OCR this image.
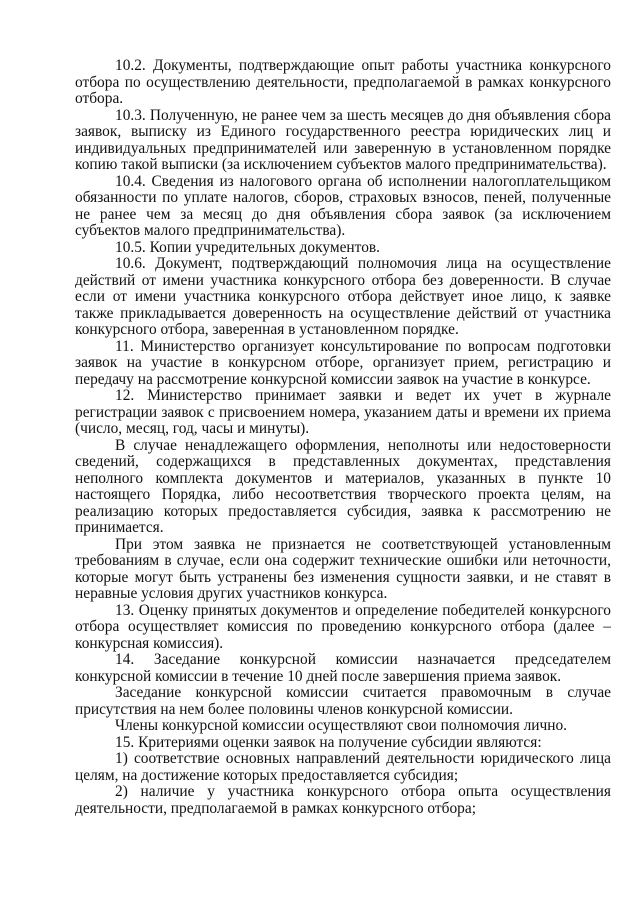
10.2. Документы, подтверждающие опыт работы участника конкурсного отбора по осуществлению деятельности, предполагаемой в рамках конкурсного отбора.

10.3. Полученную, не ранее чем за шесть месяцев до дня объявления сбора заявок, выписку из Единого государственного реестра юридических лиц и индивидуальных предпринимателей или заверенную в установленном порядке копию такой выписки (за исключением субъектов малого предпринимательства).

10.4. Сведения из налогового органа об исполнении налогоплательщиком обязанности по уплате налогов, сборов, страховых взносов, пеней, полученные не ранее чем за месяц до дня объявления сбора заявок (за исключением субъектов малого предпринимательства).

10.5. Копии учредительных документов.

10.6. Документ, подтверждающий полномочия лица на осуществление действий от имени участника конкурсного отбора без доверенности. В случае если от имени участника конкурсного отбора действует иное лицо, к заявке также прикладывается доверенность на осуществление действий от участника конкурсного отбора, заверенная в установленном порядке.

11. Министерство организует консультирование по вопросам подготовки заявок на участие в конкурсном отборе, организует прием, регистрацию и передачу на рассмотрение конкурсной комиссии заявок на участие в конкурсе.

12. Министерство принимает заявки и ведет их учет в журнале регистрации заявок с присвоением номера, указанием даты и времени их приема (число, месяц, год, часы и минуты).

В случае ненадлежащего оформления, неполноты или недостоверности сведений, содержащихся в представленных документах, представления неполного комплекта документов и материалов, указанных в пункте 10 настоящего Порядка, либо несоответствия творческого проекта целям, на реализацию которых предоставляется субсидия, заявка к рассмотрению не принимается.

При этом заявка не признается не соответствующей установленным требованиям в случае, если она содержит технические ошибки или неточности, которые могут быть устранены без изменения сущности заявки, и не ставят в неравные условия других участников конкурса.

13. Оценку принятых документов и определение победителей конкурсного отбора осуществляет комиссия по проведению конкурсного отбора (далее – конкурсная комиссия).

14. Заседание конкурсной комиссии назначается председателем конкурсной комиссии в течение 10 дней после завершения приема заявок.

Заседание конкурсной комиссии считается правомочным в случае присутствия на нем более половины членов конкурсной комиссии.

Члены конкурсной комиссии осуществляют свои полномочия лично.

15. Критериями оценки заявок на получение субсидии являются:

1) соответствие основных направлений деятельности юридического лица целям, на достижение которых предоставляется субсидия;

2) наличие у участника конкурсного отбора опыта осуществления деятельности, предполагаемой в рамках конкурсного отбора;
